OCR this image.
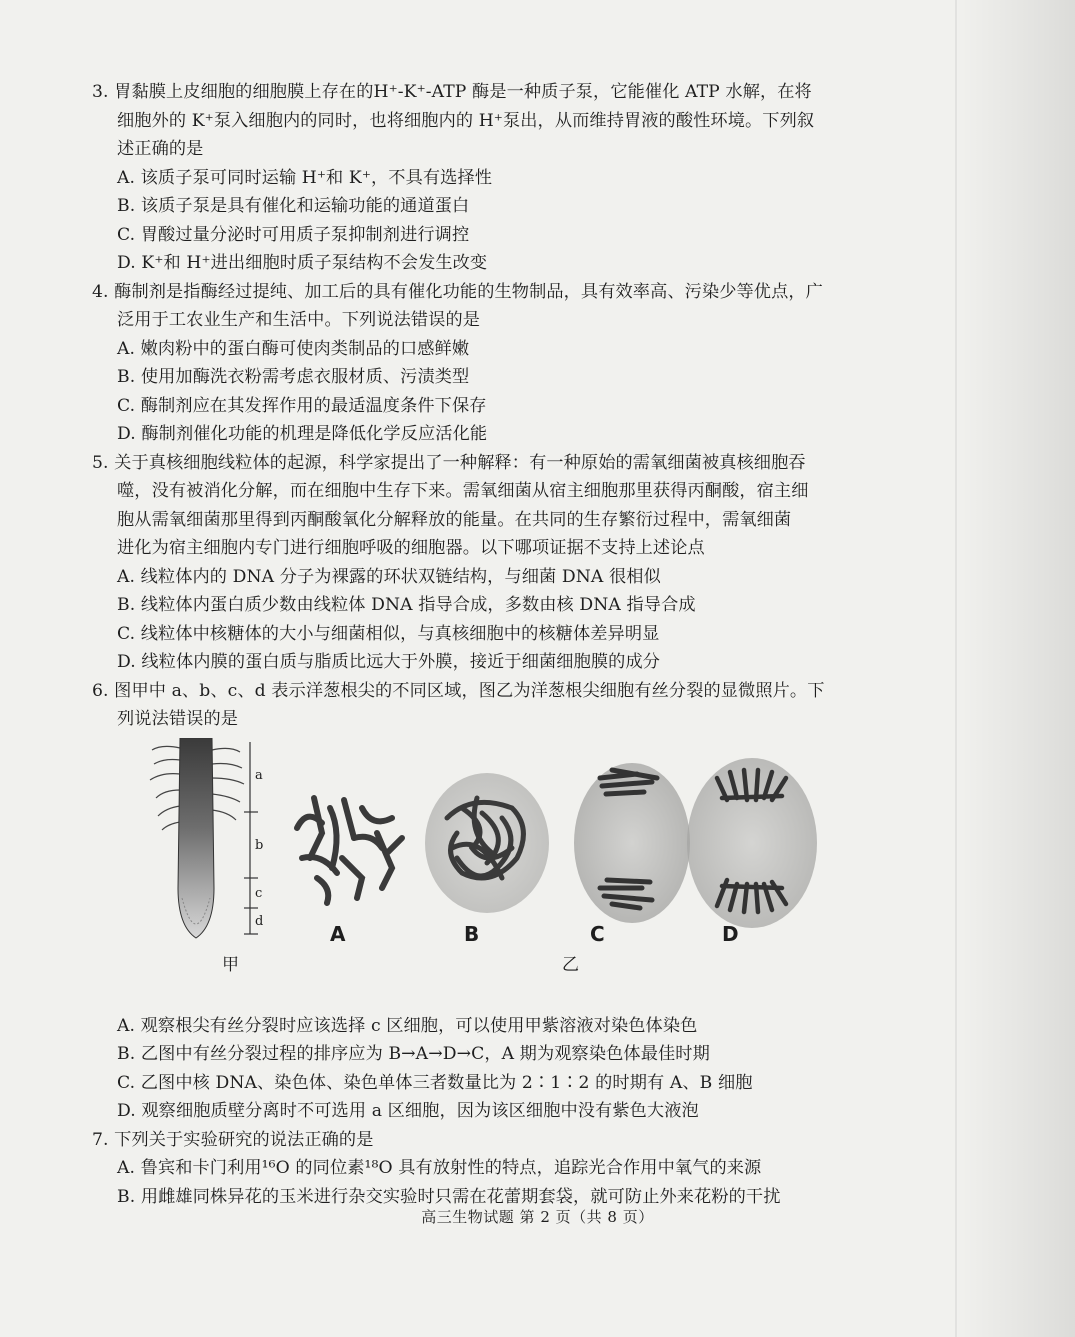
3. 胃黏膜上皮细胞的细胞膜上存在的H⁺-K⁺-ATP 酶是一种质子泵，它能催化 ATP 水解，在将
细胞外的 K⁺泵入细胞内的同时，也将细胞内的 H⁺泵出，从而维持胃液的酸性环境。下列叙
述正确的是
A. 该质子泵可同时运输 H⁺和 K⁺，不具有选择性
B. 该质子泵是具有催化和运输功能的通道蛋白
C. 胃酸过量分泌时可用质子泵抑制剂进行调控
D. K⁺和 H⁺进出细胞时质子泵结构不会发生改变
4. 酶制剂是指酶经过提纯、加工后的具有催化功能的生物制品，具有效率高、污染少等优点，广
泛用于工农业生产和生活中。下列说法错误的是
A. 嫩肉粉中的蛋白酶可使肉类制品的口感鲜嫩
B. 使用加酶洗衣粉需考虑衣服材质、污渍类型
C. 酶制剂应在其发挥作用的最适温度条件下保存
D. 酶制剂催化功能的机理是降低化学反应活化能
5. 关于真核细胞线粒体的起源，科学家提出了一种解释：有一种原始的需氧细菌被真核细胞吞
噬，没有被消化分解，而在细胞中生存下来。需氧细菌从宿主细胞那里获得丙酮酸，宿主细
胞从需氧细菌那里得到丙酮酸氧化分解释放的能量。在共同的生存繁衍过程中，需氧细菌
进化为宿主细胞内专门进行细胞呼吸的细胞器。以下哪项证据不支持上述论点
A. 线粒体内的 DNA 分子为裸露的环状双链结构，与细菌 DNA 很相似
B. 线粒体内蛋白质少数由线粒体 DNA 指导合成，多数由核 DNA 指导合成
C. 线粒体中核糖体的大小与细菌相似，与真核细胞中的核糖体差异明显
D. 线粒体内膜的蛋白质与脂质比远大于外膜，接近于细菌细胞膜的成分
6. 图甲中 a、b、c、d 表示洋葱根尖的不同区域，图乙为洋葱根尖细胞有丝分裂的显微照片。下
列说法错误的是
a
b
c
d
A	B	C	D
甲	乙
A. 观察根尖有丝分裂时应该选择 c 区细胞，可以使用甲紫溶液对染色体染色
B. 乙图中有丝分裂过程的排序应为 B→A→D→C，A 期为观察染色体最佳时期
C. 乙图中核 DNA、染色体、染色单体三者数量比为 2∶1∶2 的时期有 A、B 细胞
D. 观察细胞质壁分离时不可选用 a 区细胞，因为该区细胞中没有紫色大液泡
7. 下列关于实验研究的说法正确的是
A. 鲁宾和卡门利用¹⁶O 的同位素¹⁸O 具有放射性的特点，追踪光合作用中氧气的来源
B. 用雌雄同株异花的玉米进行杂交实验时只需在花蕾期套袋，就可防止外来花粉的干扰
高三生物试题 第 2 页（共 8 页）
